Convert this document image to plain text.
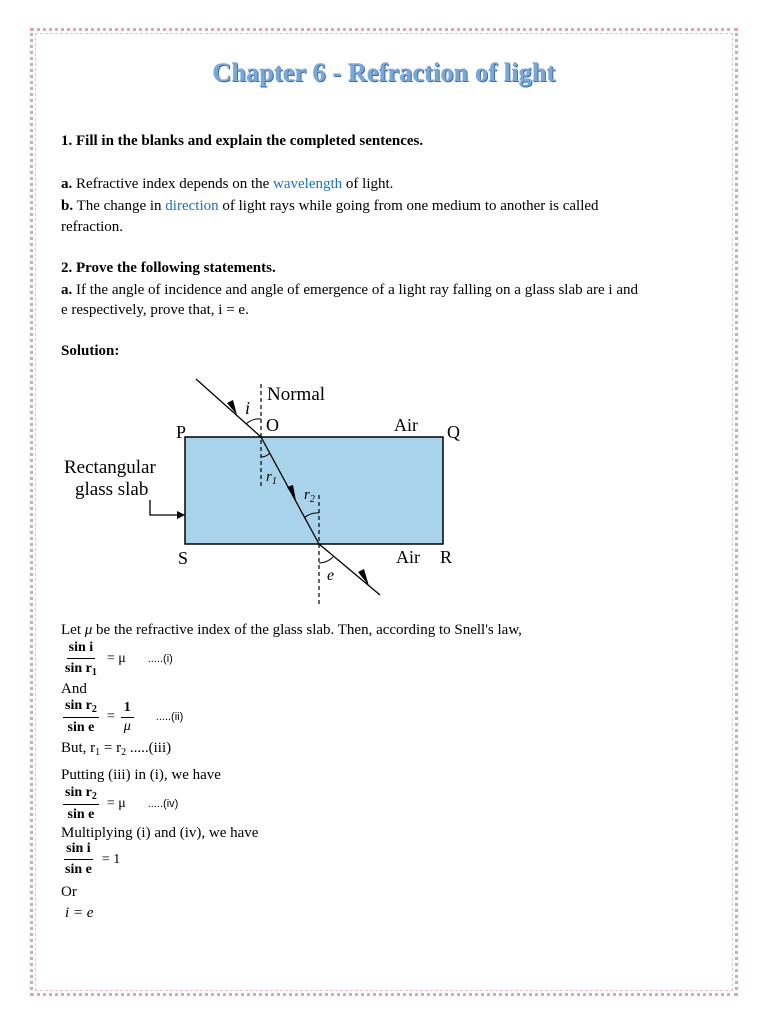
Chapter 6 - Refraction of light
1. Fill in the blanks and explain the completed sentences.
a. Refractive index depends on the wavelength of light.
b. The change in direction of light rays while going from one medium to another is called
refraction.
2. Prove the following statements.
a. If the angle of incidence and angle of emergence of a light ray falling on a glass slab are i and
e respectively, prove that, i = e.
Solution:
Normal
i
P	O	Air Q
Rectangular
glass slab
$r_1$
$r_2$
S	Air R
e
Let μ be the refractive index of the glass slab. Then, according to Snell's law,
$\frac{\text{sin i}}{\sin r_1} = \mu$ .....(i)
And
$\frac{\sin r_2}{\text{sin e}} = \frac{1}{\mu} .....(ii)$
But, $r_1 = r_2$ .....(iii)
Putting (iii) in (i), we have
$\frac{\sin r_2}{\text{sin e}} = \mu$ .....(iv)
Multiplying (i) and (iv), we have
$\frac{\text{sin i}}{\text{sin e}} = 1$
Or
i = e
